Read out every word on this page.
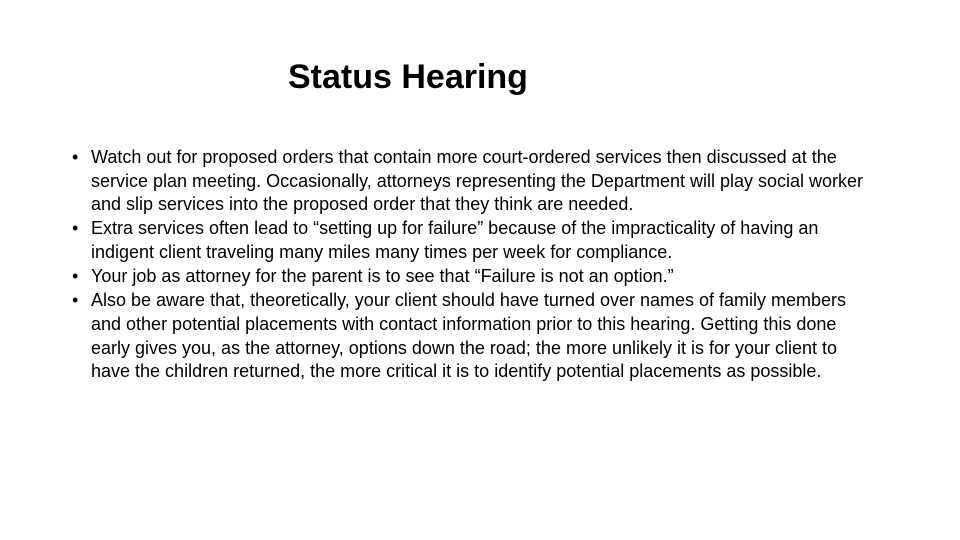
Status Hearing
• Watch out for proposed orders that contain more court-ordered services then discussed at the service plan meeting. Occasionally, attorneys representing the Department will play social worker and slip services into the proposed order that they think are needed.
• Extra services often lead to “setting up for failure” because of the impracticality of having an indigent client traveling many miles many times per week for compliance.
• Your job as attorney for the parent is to see that “Failure is not an option.”
• Also be aware that, theoretically, your client should have turned over names of family members and other potential placements with contact information prior to this hearing. Getting this done early gives you, as the attorney, options down the road; the more unlikely it is for your client to have the children returned, the more critical it is to identify potential placements as possible.
